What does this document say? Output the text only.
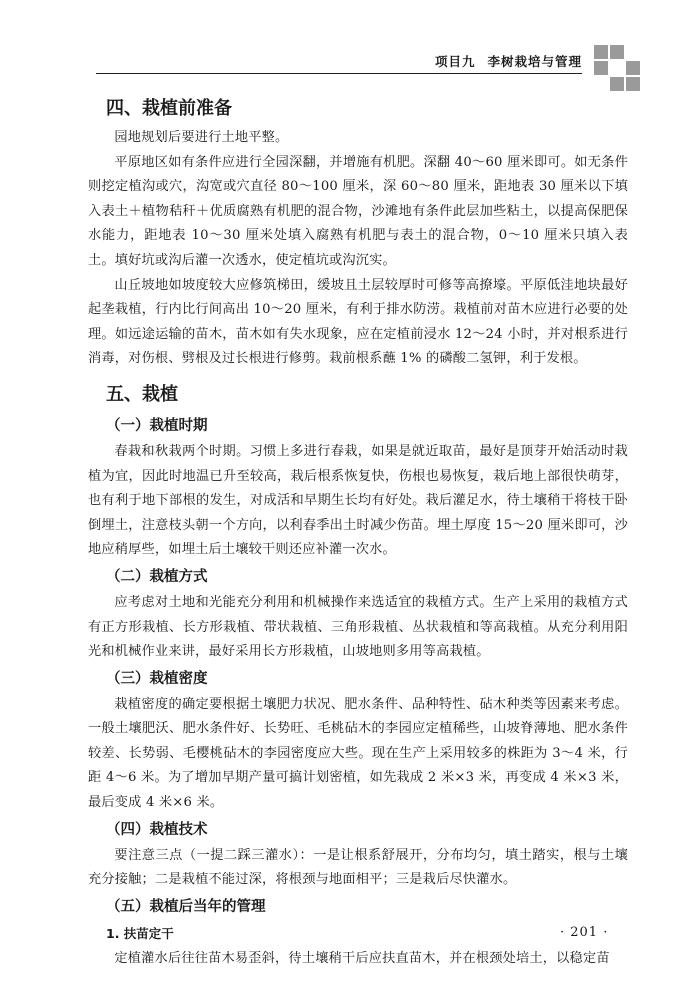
项目九 李树栽培与管理
四、栽植前准备

园地规划后要进行土地平整。

平原地区如有条件应进行全园深翻，并增施有机肥。深翻 40～60 厘米即可。如无条件则挖定植沟或穴，沟宽或穴直径 80～100 厘米，深 60～80 厘米，距地表 30 厘米以下填入表土＋植物秸秆＋优质腐熟有机肥的混合物，沙滩地有条件此层加些粘土，以提高保肥保水能力，距地表 10～30 厘米处填入腐熟有机肥与表土的混合物，0～10 厘米只填入表土。填好坑或沟后灌一次透水，使定植坑或沟沉实。

山丘坡地如坡度较大应修筑梯田，缓坡且土层较厚时可修等高撩壕。平原低洼地块最好起垄栽植，行内比行间高出 10～20 厘米，有利于排水防涝。栽植前对苗木应进行必要的处理。如远途运输的苗木，苗木如有失水现象，应在定植前浸水 12～24 小时，并对根系进行消毒，对伤根、劈根及过长根进行修剪。栽前根系蘸 1% 的磷酸二氢钾，利于发根。

五、栽植
（一）栽植时期

春栽和秋栽两个时期。习惯上多进行春栽，如果是就近取苗，最好是顶芽开始活动时栽植为宜，因此时地温已升至较高，栽后根系恢复快，伤根也易恢复，栽后地上部很快萌芽，也有利于地下部根的发生，对成活和早期生长均有好处。栽后灌足水，待土壤稍干将枝干卧倒埋土，注意枝头朝一个方向，以利春季出土时减少伤苗。埋土厚度 15～20 厘米即可，沙地应稍厚些，如埋土后土壤较干则还应补灌一次水。

（二）栽植方式

应考虑对土地和光能充分利用和机械操作来选适宜的栽植方式。生产上采用的栽植方式有正方形栽植、长方形栽植、带状栽植、三角形栽植、丛状栽植和等高栽植。从充分利用阳光和机械作业来讲，最好采用长方形栽植，山坡地则多用等高栽植。

（三）栽植密度

栽植密度的确定要根据土壤肥力状况、肥水条件、品种特性、砧木种类等因素来考虑。一般土壤肥沃、肥水条件好、长势旺、毛桃砧木的李园应定植稀些，山坡脊薄地、肥水条件较差、长势弱、毛樱桃砧木的李园密度应大些。现在生产上采用较多的株距为 3～4 米，行距 4～6 米。为了增加早期产量可搞计划密植，如先栽成 2 米×3 米，再变成 4 米×3 米，最后变成 4 米×6 米。

（四）栽植技术

要注意三点（一提二踩三灌水）：一是让根系舒展开，分布均匀，填土踏实，根与土壤充分接触；二是栽植不能过深，将根颈与地面相平；三是栽后尽快灌水。

（五）栽植后当年的管理
1. 扶苗定干

定植灌水后往往苗木易歪斜，待土壤稍干后应扶直苗木，并在根颈处培土，以稳定苗

· 201 ·
